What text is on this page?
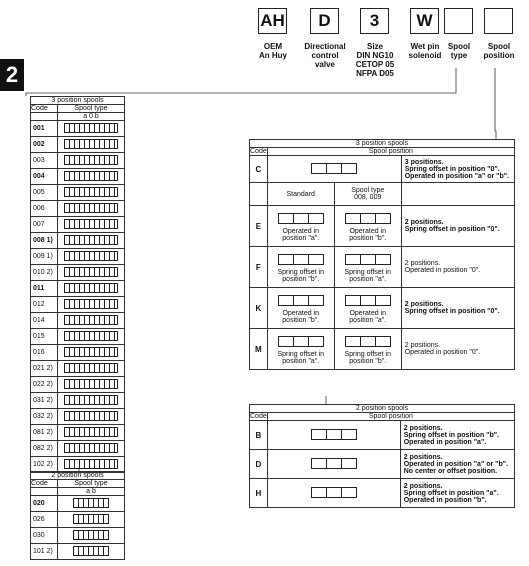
2
AH
OEM
An Huy
D
Directional
control
valve
3
Size
DIN NG10
CETOP 05
NFPA D05
W
Wet pin
solenoid
Spool
type
Spool
position
3 position spools	
Code	Spool type
	a 0 b
001	
002	
003	
004	
005	
006	
007	
008 1)	
009 1)	
010 2)	
011	
012	
014	
015	
016	
021 2)	
022 2)	
031 2)	
032 2)	
081 2)	
082 2)	
102 2)	
2 position spools	
Code	Spool type
	a b
020	
026	
030	
101 2)	
3 position spools			
Code	Spool position		
C			3 positions.
Spring offset in position "0".
Operated in position "a" or "b".
	Standard	Spool type
008, 009	
E	Operated in
position "a".	Operated in
position "b".	2 positions.
Spring offset in position "0".
F	Spring offset in
position "b".	Spring offset in
position "a".	2 positions.
Operated in position "0".
K	Operated in
position "b".	Operated in
position "a".	2 positions.
Spring offset in position "0".
M	Spring offset in
position "a".	Spring offset in
position "b".	2 positions.
Operated in position "0".
2 position spools		
Code	Spool position	
B		2 positions.
Spring offset in position "b".
Operated in position "a".
D		2 positions.
Operated in position "a" or "b".
No center or offset position.
H		2 positions.
Spring offset in position "a".
Operated in position "b".
